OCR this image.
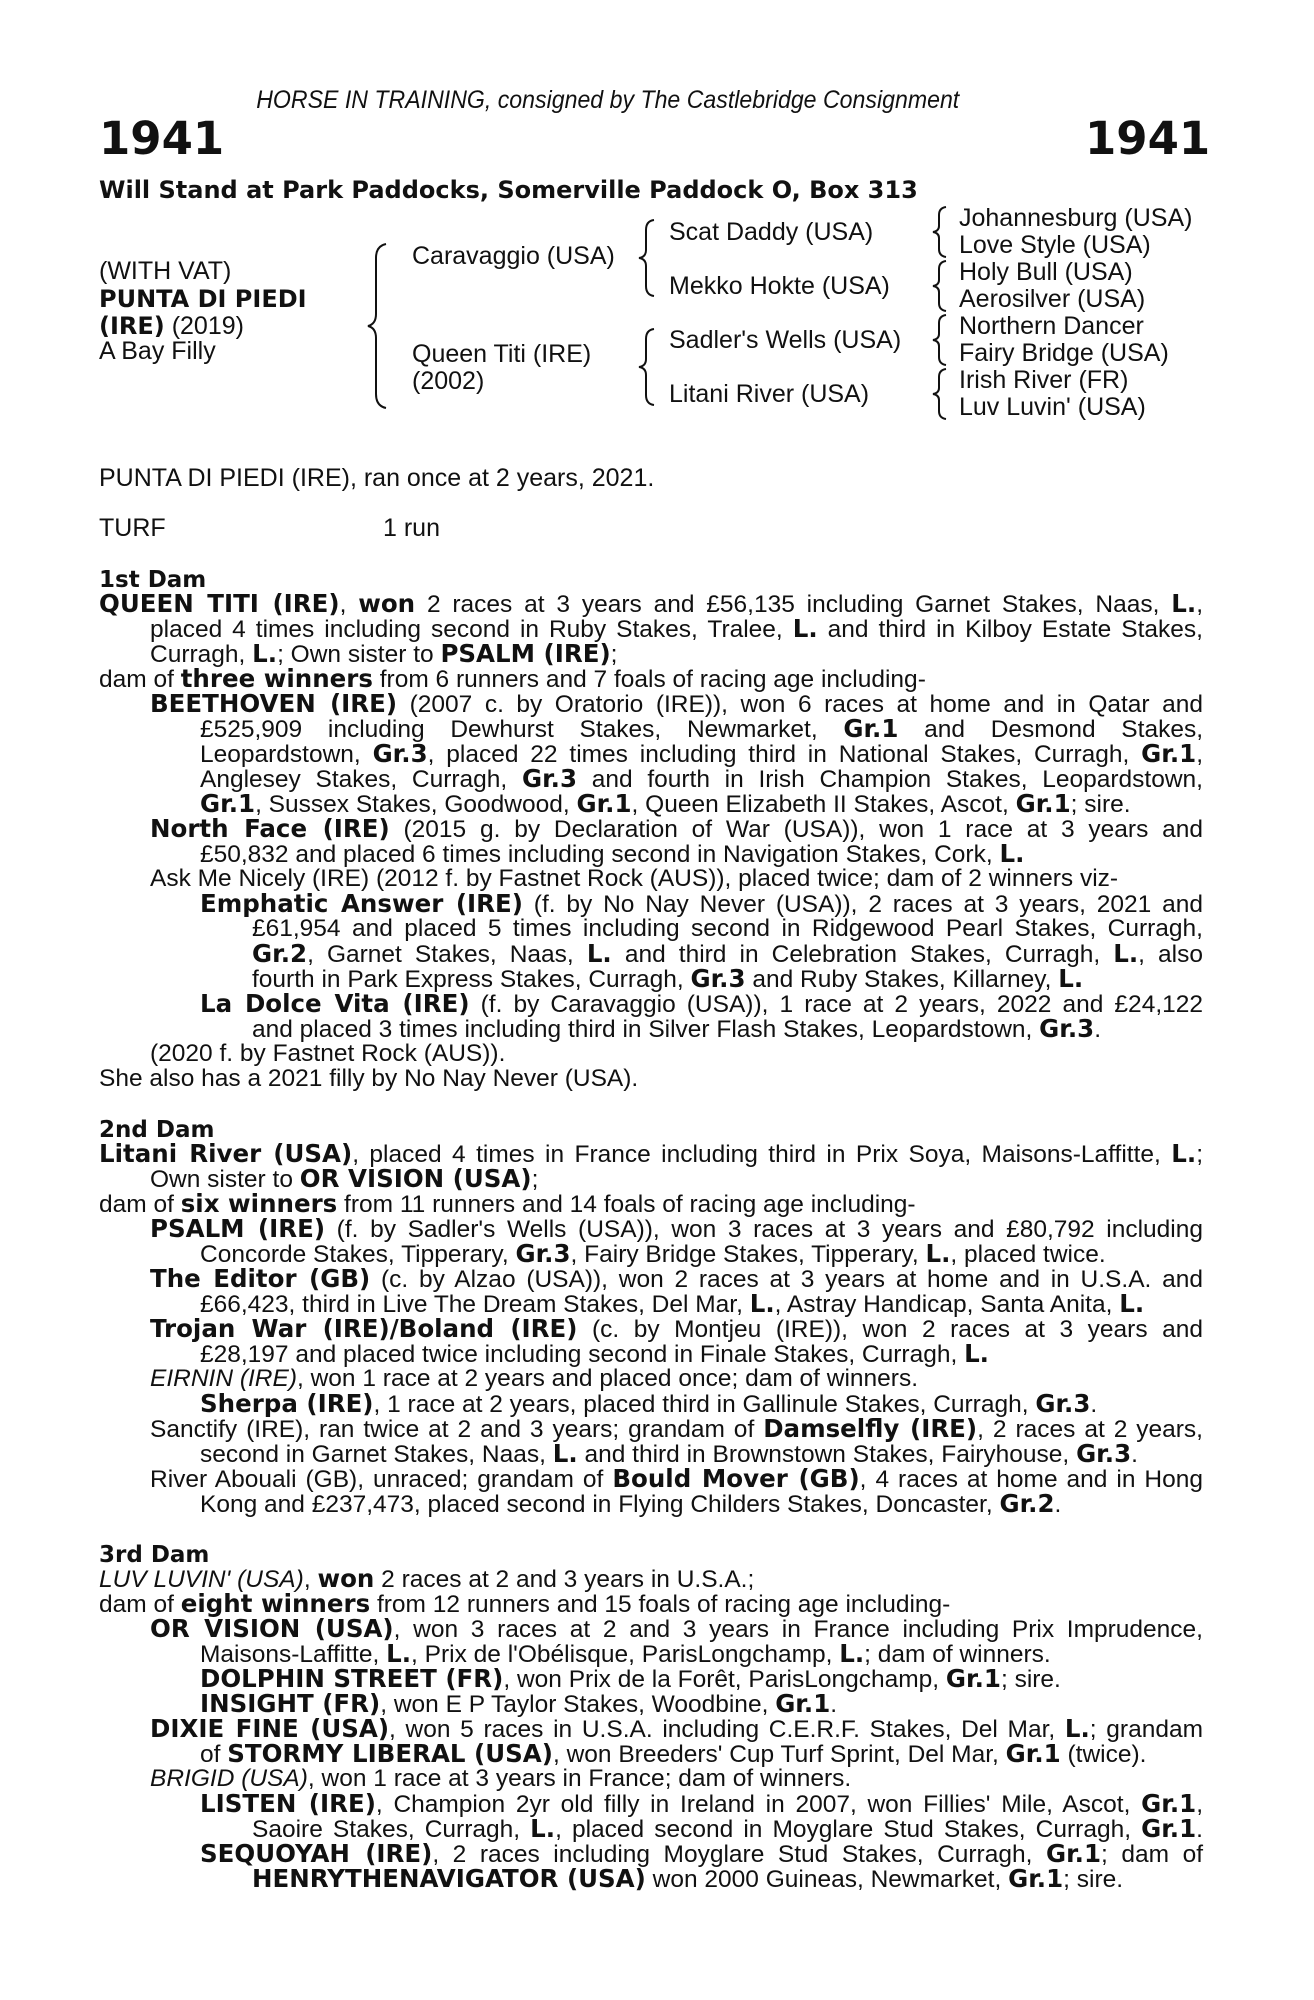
HORSE IN TRAINING, consigned by The Castlebridge Consignment
1941	1941
Will Stand at Park Paddocks, Somerville Paddock O, Box 313
(WITH VAT)
PUNTA DI PIEDI
(IRE) (2019)
A Bay Filly
Caravaggio (USA)
Queen Titi (IRE)
(2002)
Scat Daddy (USA)
Mekko Hokte (USA)
Sadler's Wells (USA)
Litani River (USA)
Johannesburg (USA)
Love Style (USA)
Holy Bull (USA)
Aerosilver (USA)
Northern Dancer
Fairy Bridge (USA)
Irish River (FR)
Luv Luvin' (USA)
PUNTA DI PIEDI (IRE), ran once at 2 years, 2021.
TURF	1 run
1st Dam
QUEEN TITI (IRE), won 2 races at 3 years and £56,135 including Garnet Stakes, Naas, L.,
placed 4 times including second in Ruby Stakes, Tralee, L. and third in Kilboy Estate Stakes,
Curragh, L.; Own sister to PSALM (IRE);
dam of three winners from 6 runners and 7 foals of racing age including-
BEETHOVEN (IRE) (2007 c. by Oratorio (IRE)), won 6 races at home and in Qatar and
£525,909 including Dewhurst Stakes, Newmarket, Gr.1 and Desmond Stakes,
Leopardstown, Gr.3, placed 22 times including third in National Stakes, Curragh, Gr.1,
Anglesey Stakes, Curragh, Gr.3 and fourth in Irish Champion Stakes, Leopardstown,
Gr.1, Sussex Stakes, Goodwood, Gr.1, Queen Elizabeth II Stakes, Ascot, Gr.1; sire.
North Face (IRE) (2015 g. by Declaration of War (USA)), won 1 race at 3 years and
£50,832 and placed 6 times including second in Navigation Stakes, Cork, L.
Ask Me Nicely (IRE) (2012 f. by Fastnet Rock (AUS)), placed twice; dam of 2 winners viz-
Emphatic Answer (IRE) (f. by No Nay Never (USA)), 2 races at 3 years, 2021 and
£61,954 and placed 5 times including second in Ridgewood Pearl Stakes, Curragh,
Gr.2, Garnet Stakes, Naas, L. and third in Celebration Stakes, Curragh, L., also
fourth in Park Express Stakes, Curragh, Gr.3 and Ruby Stakes, Killarney, L.
La Dolce Vita (IRE) (f. by Caravaggio (USA)), 1 race at 2 years, 2022 and £24,122
and placed 3 times including third in Silver Flash Stakes, Leopardstown, Gr.3.
(2020 f. by Fastnet Rock (AUS)).
She also has a 2021 filly by No Nay Never (USA).
2nd Dam
Litani River (USA), placed 4 times in France including third in Prix Soya, Maisons-Laffitte, L.;
Own sister to OR VISION (USA);
dam of six winners from 11 runners and 14 foals of racing age including-
PSALM (IRE) (f. by Sadler's Wells (USA)), won 3 races at 3 years and £80,792 including
Concorde Stakes, Tipperary, Gr.3, Fairy Bridge Stakes, Tipperary, L., placed twice.
The Editor (GB) (c. by Alzao (USA)), won 2 races at 3 years at home and in U.S.A. and
£66,423, third in Live The Dream Stakes, Del Mar, L., Astray Handicap, Santa Anita, L.
Trojan War (IRE)/Boland (IRE) (c. by Montjeu (IRE)), won 2 races at 3 years and
£28,197 and placed twice including second in Finale Stakes, Curragh, L.
EIRNIN (IRE), won 1 race at 2 years and placed once; dam of winners.
Sherpa (IRE), 1 race at 2 years, placed third in Gallinule Stakes, Curragh, Gr.3.
Sanctify (IRE), ran twice at 2 and 3 years; grandam of Damselfly (IRE), 2 races at 2 years,
second in Garnet Stakes, Naas, L. and third in Brownstown Stakes, Fairyhouse, Gr.3.
River Abouali (GB), unraced; grandam of Bould Mover (GB), 4 races at home and in Hong
Kong and £237,473, placed second in Flying Childers Stakes, Doncaster, Gr.2.
3rd Dam
LUV LUVIN' (USA), won 2 races at 2 and 3 years in U.S.A.;
dam of eight winners from 12 runners and 15 foals of racing age including-
OR VISION (USA), won 3 races at 2 and 3 years in France including Prix Imprudence,
Maisons-Laffitte, L., Prix de l'Obélisque, ParisLongchamp, L.; dam of winners.
DOLPHIN STREET (FR), won Prix de la Forêt, ParisLongchamp, Gr.1; sire.
INSIGHT (FR), won E P Taylor Stakes, Woodbine, Gr.1.
DIXIE FINE (USA), won 5 races in U.S.A. including C.E.R.F. Stakes, Del Mar, L.; grandam
of STORMY LIBERAL (USA), won Breeders' Cup Turf Sprint, Del Mar, Gr.1 (twice).
BRIGID (USA), won 1 race at 3 years in France; dam of winners.
LISTEN (IRE), Champion 2yr old filly in Ireland in 2007, won Fillies' Mile, Ascot, Gr.1,
Saoire Stakes, Curragh, L., placed second in Moyglare Stud Stakes, Curragh, Gr.1.
SEQUOYAH (IRE), 2 races including Moyglare Stud Stakes, Curragh, Gr.1; dam of
HENRYTHENAVIGATOR (USA) won 2000 Guineas, Newmarket, Gr.1; sire.
